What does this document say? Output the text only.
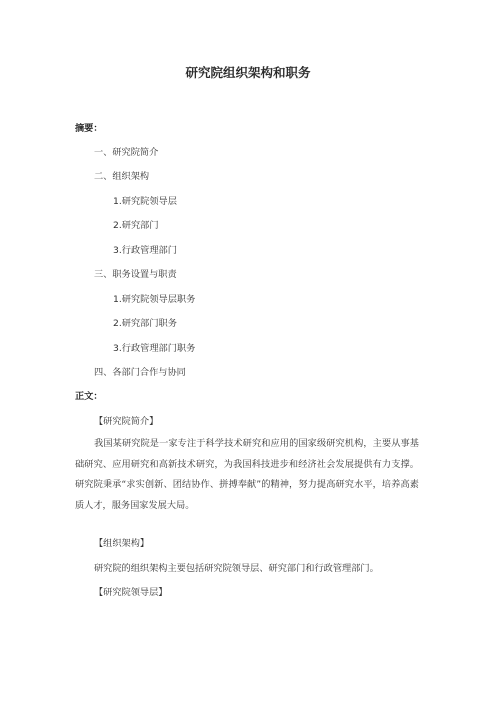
研究院组织架构和职务
摘要：
一、研究院简介
二、组织架构
1.研究院领导层
2.研究部门
3.行政管理部门
三、职务设置与职责
1.研究院领导层职务
2.研究部门职务
3.行政管理部门职务
四、各部门合作与协同
正文：
【研究院简介】
我国某研究院是一家专注于科学技术研究和应用的国家级研究机构，主要从事基础研究、应用研究和高新技术研究，为我国科技进步和经济社会发展提供有力支撑。研究院秉承“求实创新、团结协作、拼搏奉献”的精神，努力提高研究水平，培养高素质人才，服务国家发展大局。
【组织架构】
研究院的组织架构主要包括研究院领导层、研究部门和行政管理部门。
【研究院领导层】
